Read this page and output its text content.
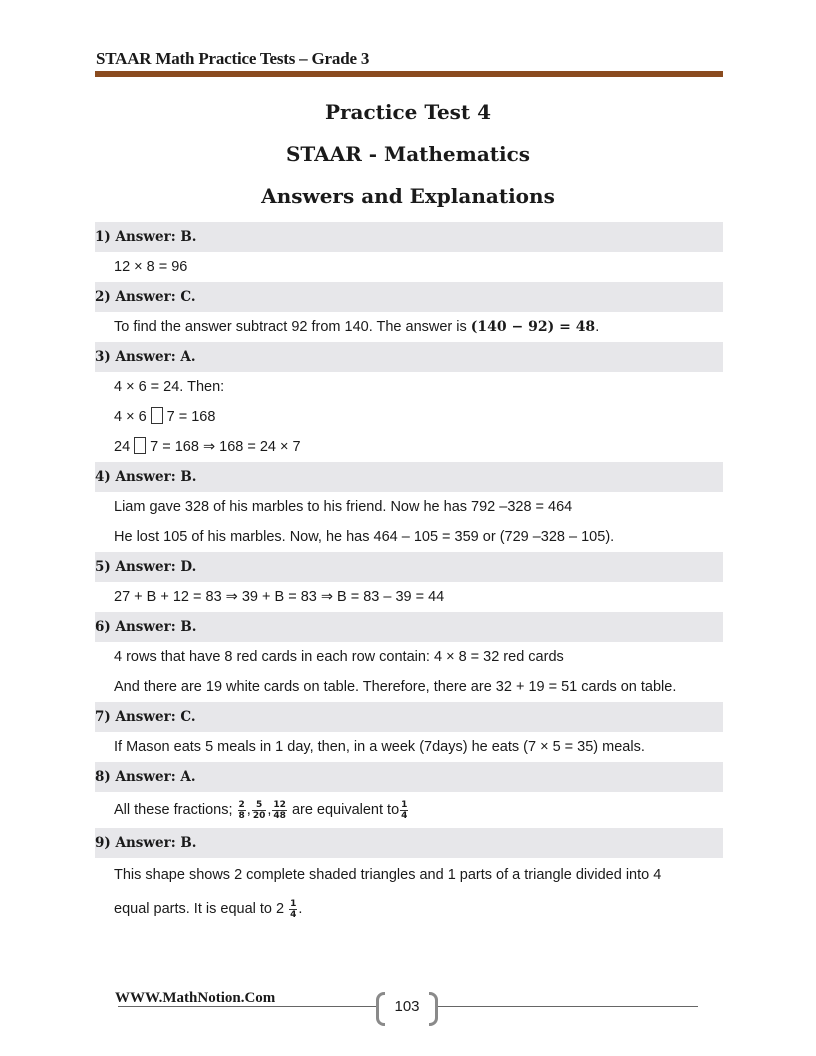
STAAR Math Practice Tests – Grade 3
Practice Test 4
STAAR - Mathematics
Answers and Explanations
1) Answer: B.
12 × 8 = 96
2) Answer: C.
To find the answer subtract 92 from 140. The answer is (140 − 92) = 48.
3) Answer: A.
4 × 6 = 24. Then:
4 × 6 7 = 168
24 7 = 168 ⇒ 168 = 24 × 7
4) Answer: B.
Liam gave 328 of his marbles to his friend. Now he has 792 –328 = 464
He lost 105 of his marbles. Now, he has 464 – 105 = 359 or (729 –328 – 105).
5) Answer: D.
27 + B + 12 = 83 ⇒ 39 + B = 83 ⇒ B = 83 – 39 = 44
6) Answer: B.
4 rows that have 8 red cards in each row contain: 4 × 8 = 32 red cards
And there are 19 white cards on table. Therefore, there are 32 + 19 = 51 cards on table.
7) Answer: C.
If Mason eats 5 meals in 1 day, then, in a week (7days) he eats (7 × 5 = 35) meals.
8) Answer: A.
All these fractions; $\frac{2}{8}$ , $\frac{5}{20}$ , $\frac{12}{48}$ are equivalent to $\frac{1}{4}$
9) Answer: B.
This shape shows 2 complete shaded triangles and 1 parts of a triangle divided into 4
equal parts. It is equal to $2 \frac{1}{4}$ .
WWW.MathNotion.Com	103
